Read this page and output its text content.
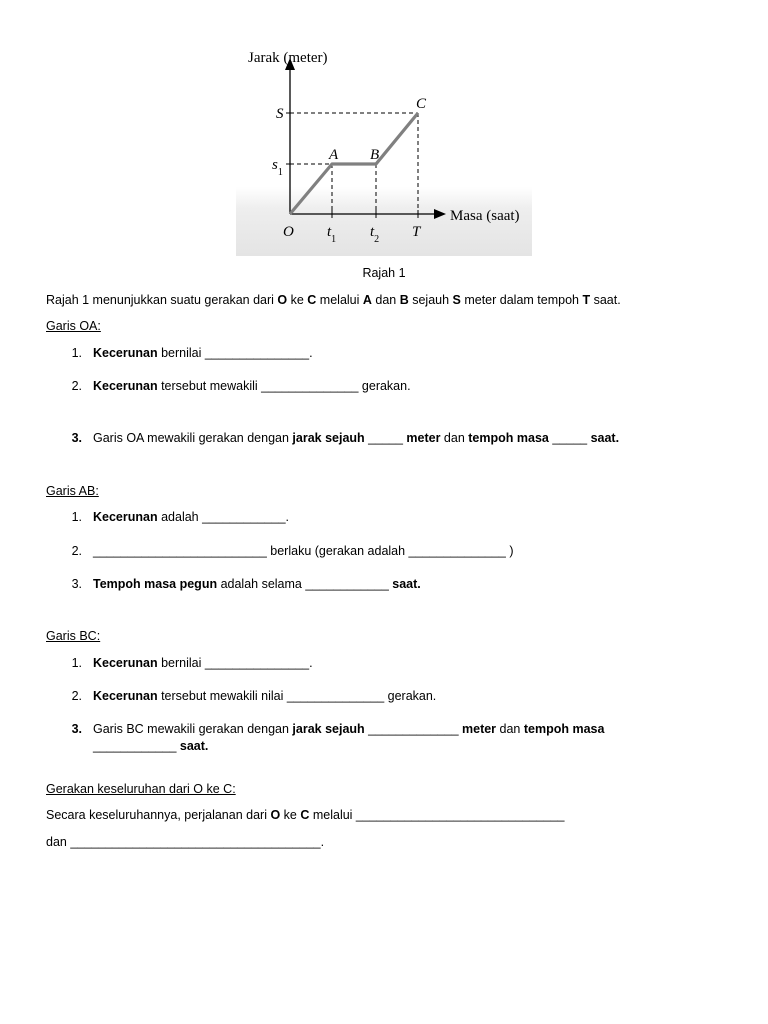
Jarak (meter)
Masa (saat)
S
$s_1$
O $t_1$ $t_2$ T
A B
C
Rajah 1
Rajah 1 menunjukkan suatu gerakan dari O ke C melalui A dan B sejauh S meter dalam tempoh T saat.
Garis OA:
1. Kecerunan bernilai _______________.
2. Kecerunan tersebut mewakili ______________ gerakan.
3. Garis OA mewakili gerakan dengan jarak sejauh _____ meter dan tempoh masa _____ saat.
Garis AB:
1. Kecerunan adalah ____________.
2. _________________________ berlaku (gerakan adalah ______________ )
3. Tempoh masa pegun adalah selama ____________ saat.
Garis BC:
1. Kecerunan bernilai _______________.
2. Kecerunan tersebut mewakili nilai ______________ gerakan.
3. Garis BC mewakili gerakan dengan jarak sejauh _____________ meter dan tempoh masa
____________ saat.
Gerakan keseluruhan dari O ke C:
Secara keseluruhannya, perjalanan dari O ke C melalui ______________________________
dan ____________________________________.
